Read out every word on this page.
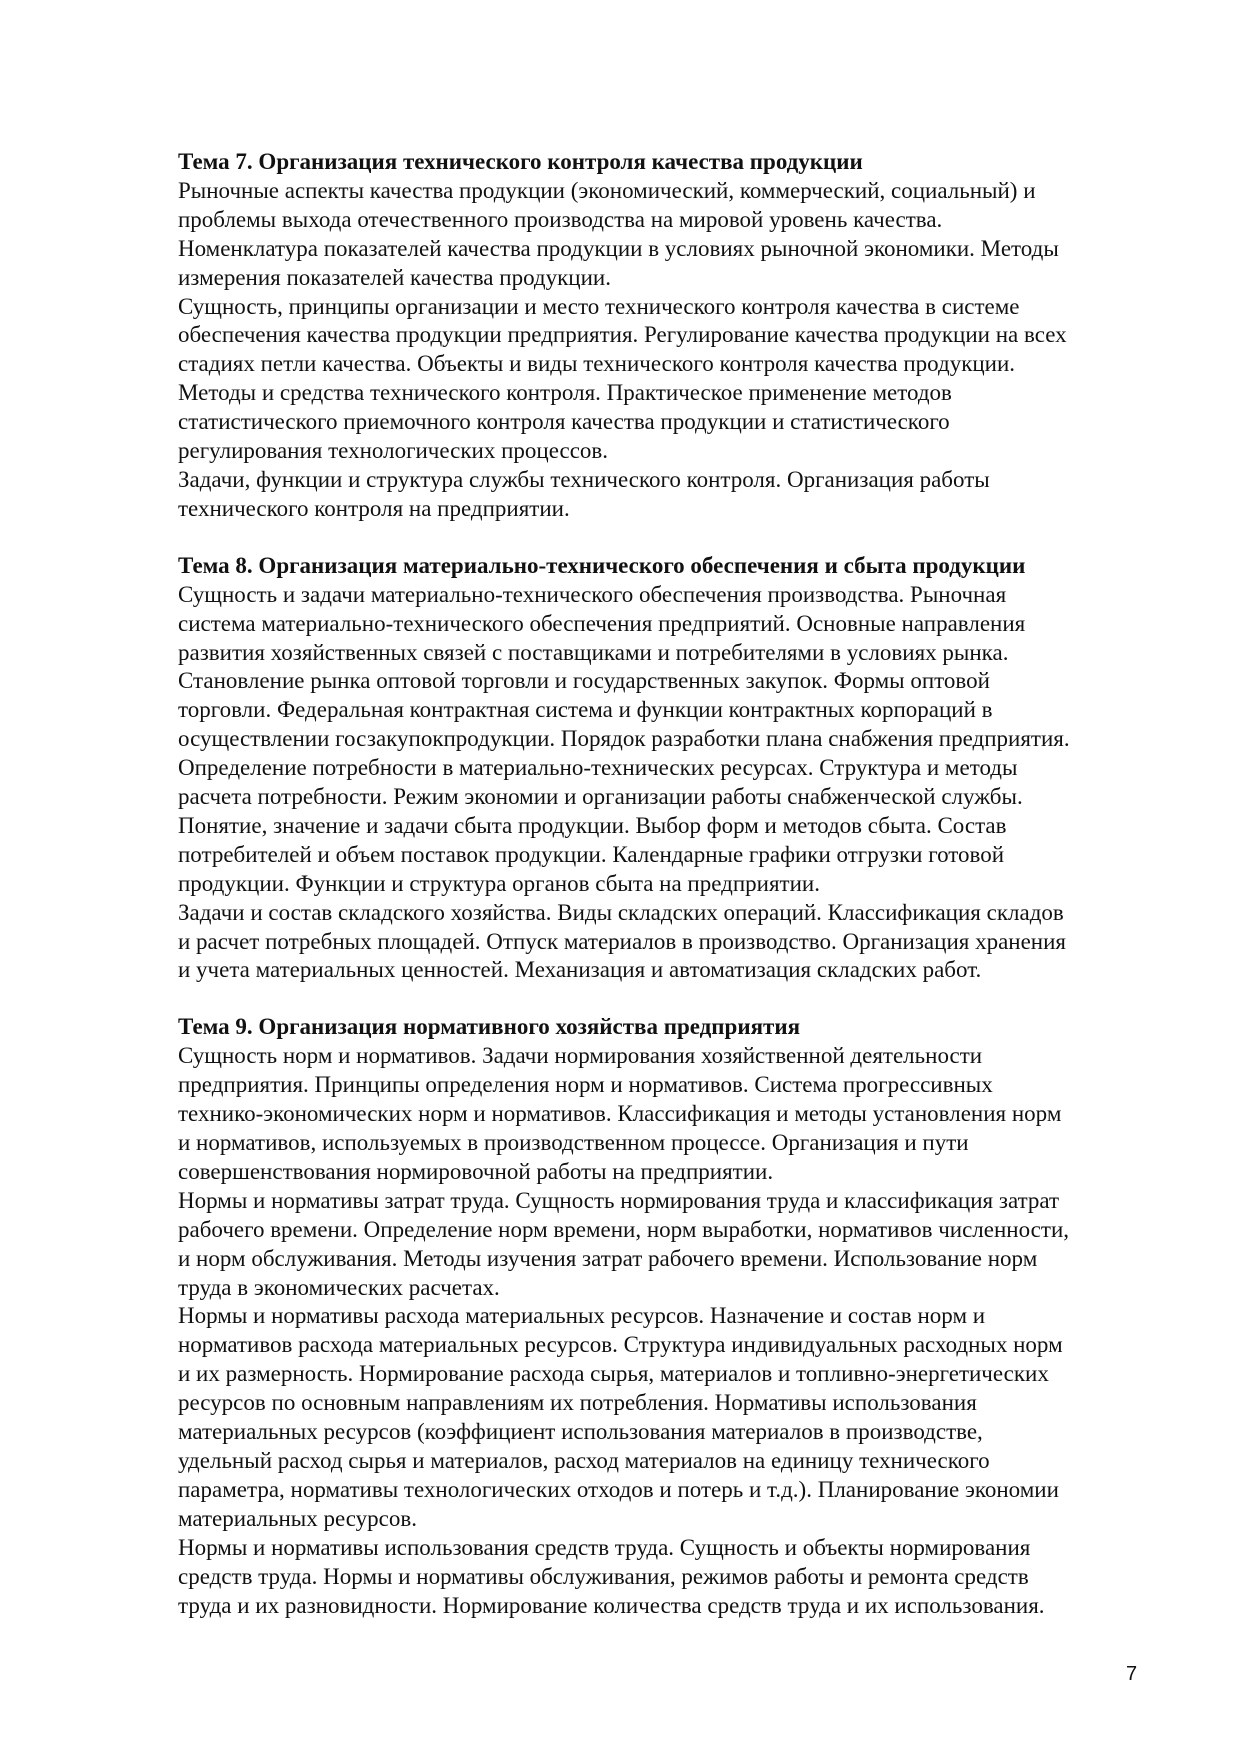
Тема 7. Организация технического контроля качества продукции

Рыночные аспекты качества продукции (экономический, коммерческий, социальный) и
проблемы выхода отечественного производства на мировой уровень качества.
Номенклатура показателей качества продукции в условиях рыночной экономики. Методы
измерения показателей качества продукции.

Сущность, принципы организации и место технического контроля качества в системе
обеспечения качества продукции предприятия. Регулирование качества продукции на всех
стадиях петли качества. Объекты и виды технического контроля качества продукции.
Методы и средства технического контроля. Практическое применение методов
статистического приемочного контроля качества продукции и статистического
регулирования технологических процессов.

Задачи, функции и структура службы технического контроля. Организация работы
технического контроля на предприятии.

Тема 8. Организация материально-технического обеспечения и сбыта продукции

Сущность и задачи материально-технического обеспечения производства. Рыночная
система материально-технического обеспечения предприятий. Основные направления
развития хозяйственных связей с поставщиками и потребителями в условиях рынка.
Становление рынка оптовой торговли и государственных закупок. Формы оптовой
торговли. Федеральная контрактная система и функции контрактных корпораций в
осуществлении госзакупокпродукции. Порядок разработки плана снабжения предприятия.
Определение потребности в материально-технических ресурсах. Структура и методы
расчета потребности. Режим экономии и организации работы снабженческой службы.
Понятие, значение и задачи сбыта продукции. Выбор форм и методов сбыта. Состав
потребителей и объем поставок продукции. Календарные графики отгрузки готовой
продукции. Функции и структура органов сбыта на предприятии.

Задачи и состав складского хозяйства. Виды складских операций. Классификация складов
и расчет потребных площадей. Отпуск материалов в производство. Организация хранения
и учета материальных ценностей. Механизация и автоматизация складских работ.

Тема 9. Организация нормативного хозяйства предприятия

Сущность норм и нормативов. Задачи нормирования хозяйственной деятельности
предприятия. Принципы определения норм и нормативов. Система прогрессивных
технико-экономических норм и нормативов. Классификация и методы установления норм
и нормативов, используемых в производственном процессе. Организация и пути
совершенствования нормировочной работы на предприятии.

Нормы и нормативы затрат труда. Сущность нормирования труда и классификация затрат
рабочего времени. Определение норм времени, норм выработки, нормативов численности,
и норм обслуживания. Методы изучения затрат рабочего времени. Использование норм
труда в экономических расчетах.

Нормы и нормативы расхода материальных ресурсов. Назначение и состав норм и
нормативов расхода материальных ресурсов. Структура индивидуальных расходных норм
и их размерность. Нормирование расхода сырья, материалов и топливно-энергетических
ресурсов по основным направлениям их потребления. Нормативы использования
материальных ресурсов (коэффициент использования материалов в производстве,
удельный расход сырья и материалов, расход материалов на единицу технического
параметра, нормативы технологических отходов и потерь и т.д.). Планирование экономии
материальных ресурсов.

Нормы и нормативы использования средств труда. Сущность и объекты нормирования
средств труда. Нормы и нормативы обслуживания, режимов работы и ремонта средств
труда и их разновидности. Нормирование количества средств труда и их использования.

7
